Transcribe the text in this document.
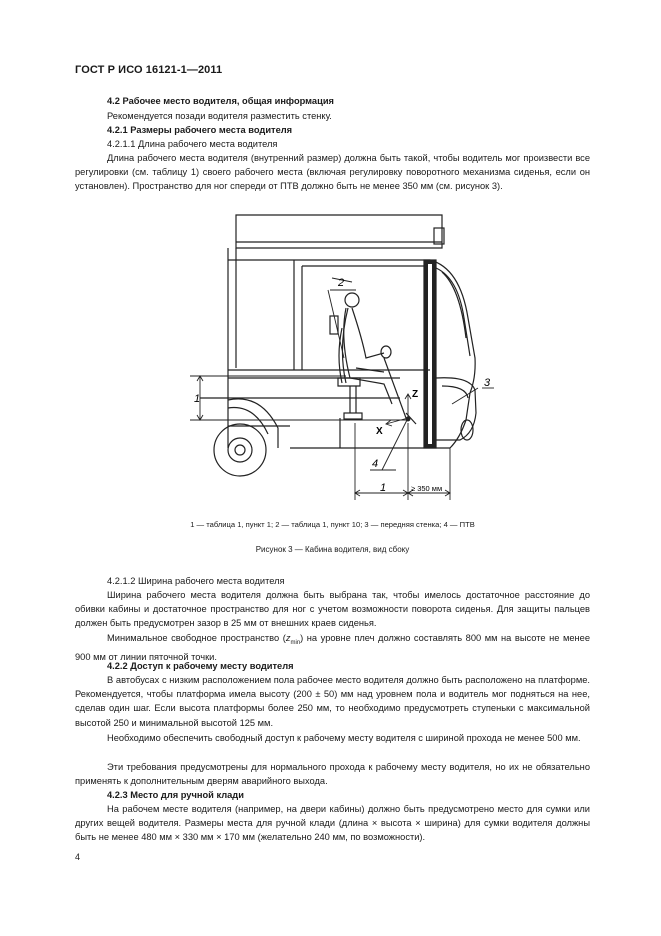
ГОСТ Р ИСО 16121-1—2011
4.2 Рабочее место водителя, общая информация
Рекомендуется позади водителя разместить стенку.
4.2.1 Размеры рабочего места водителя
4.2.1.1 Длина рабочего места водителя
Длина рабочего места водителя (внутренний размер) должна быть такой, чтобы водитель мог произвести все регулировки (см. таблицу 1) своего рабочего места (включая регулировку поворотного механизма сиденья, если он установлен). Пространство для ног спереди от ПТВ должно быть не менее 350 мм (см. рисунок 3).
2
3
4
1
1	≥ 350 мм
X
Z
1 — таблица 1, пункт 1; 2 — таблица 1, пункт 10; 3 — передняя стенка; 4 — ПТВ
Рисунок 3 — Кабина водителя, вид сбоку
4.2.1.2 Ширина рабочего места водителя
Ширина рабочего места водителя должна быть выбрана так, чтобы имелось достаточное расстояние до обивки кабины и достаточное пространство для ног с учетом возможности поворота сиденья. Для защиты пальцев должен быть предусмотрен зазор в 25 мм от внешних краев сиденья.
Минимальное свободное пространство $(z_{min})$ на уровне плеч должно составлять 800 мм на высоте не менее 900 мм от линии пяточной точки.
4.2.2 Доступ к рабочему месту водителя
В автобусах с низким расположением пола рабочее место водителя должно быть расположено на платформе. Рекомендуется, чтобы платформа имела высоту (200 ± 50) мм над уровнем пола и водитель мог подняться на нее, сделав один шаг. Если высота платформы более 250 мм, то необходимо предусмотреть ступеньки с максимальной высотой 250 и минимальной высотой 125 мм.
Необходимо обеспечить свободный доступ к рабочему месту водителя с шириной прохода не менее 500 мм.
Эти требования предусмотрены для нормального прохода к рабочему месту водителя, но их не обязательно применять к дополнительным дверям аварийного выхода.
4.2.3 Место для ручной клади
На рабочем месте водителя (например, на двери кабины) должно быть предусмотрено место для сумки или других вещей водителя. Размеры места для ручной клади (длина × высота × ширина) для сумки водителя должны быть не менее 480 мм × 330 мм × 170 мм (желательно 240 мм, по возможности).
4
